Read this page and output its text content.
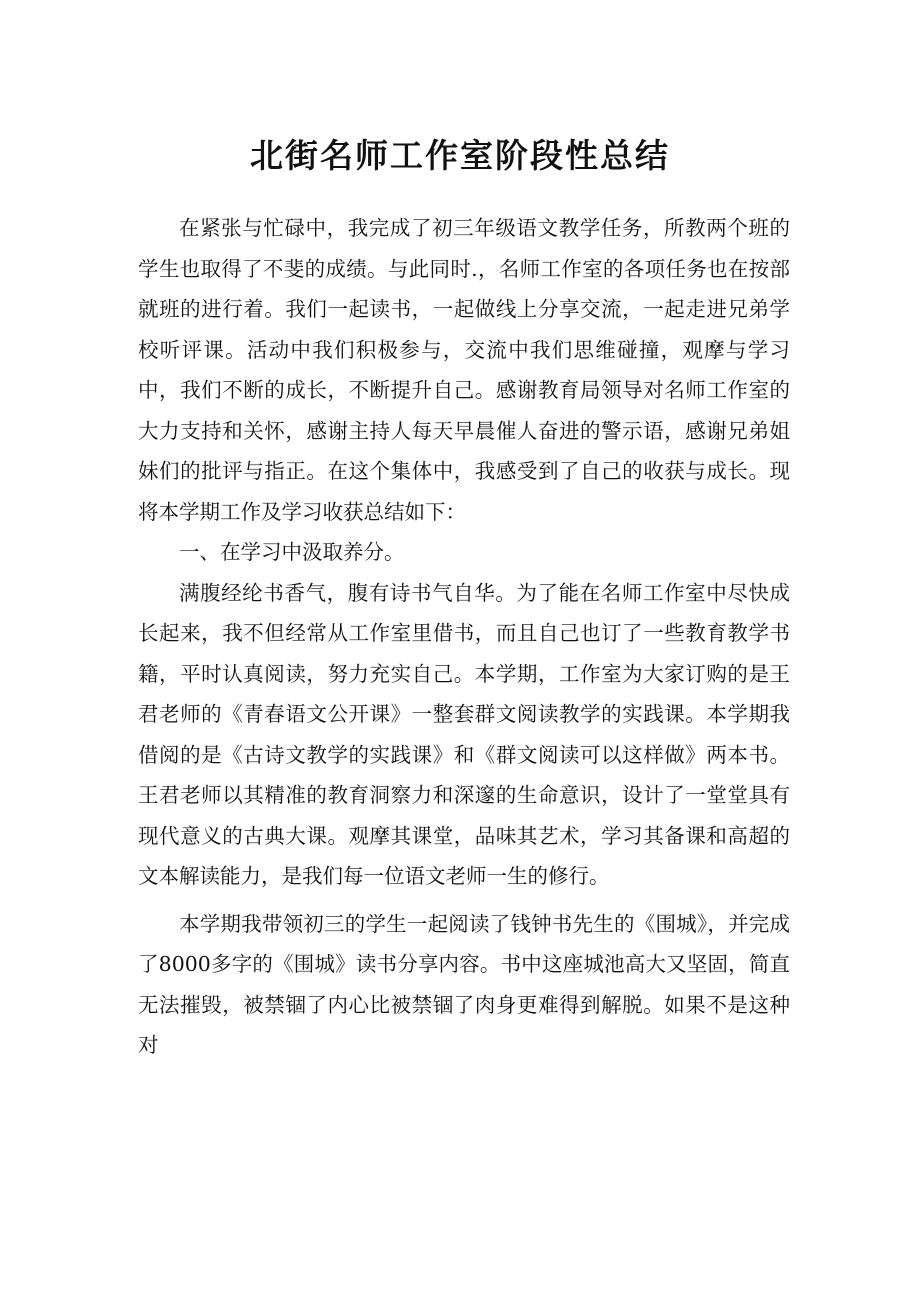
北街名师工作室阶段性总结

在紧张与忙碌中，我完成了初三年级语文教学任务，所教两个班的学生也取得了不斐的成绩。与此同时.，名师工作室的各项任务也在按部就班的进行着。我们一起读书，一起做线上分享交流，一起走进兄弟学校听评课。活动中我们积极参与，交流中我们思维碰撞，观摩与学习中，我们不断的成长，不断提升自己。感谢教育局领导对名师工作室的大力支持和关怀，感谢主持人每天早晨催人奋进的警示语，感谢兄弟姐妹们的批评与指正。在这个集体中，我感受到了自己的收获与成长。现将本学期工作及学习收获总结如下：

一、在学习中汲取养分。

满腹经纶书香气，腹有诗书气自华。为了能在名师工作室中尽快成长起来，我不但经常从工作室里借书，而且自己也订了一些教育教学书籍，平时认真阅读，努力充实自己。本学期，工作室为大家订购的是王君老师的《青春语文公开课》一整套群文阅读教学的实践课。本学期我借阅的是《古诗文教学的实践课》和《群文阅读可以这样做》两本书。王君老师以其精准的教育洞察力和深邃的生命意识，设计了一堂堂具有现代意义的古典大课。观摩其课堂，品味其艺术，学习其备课和高超的文本解读能力，是我们每一位语文老师一生的修行。

本学期我带领初三的学生一起阅读了钱钟书先生的《围城》，并完成了8000多字的《围城》读书分享内容。书中这座城池高大又坚固，简直无法摧毁，被禁锢了内心比被禁锢了肉身更难得到解脱。如果不是这种对
